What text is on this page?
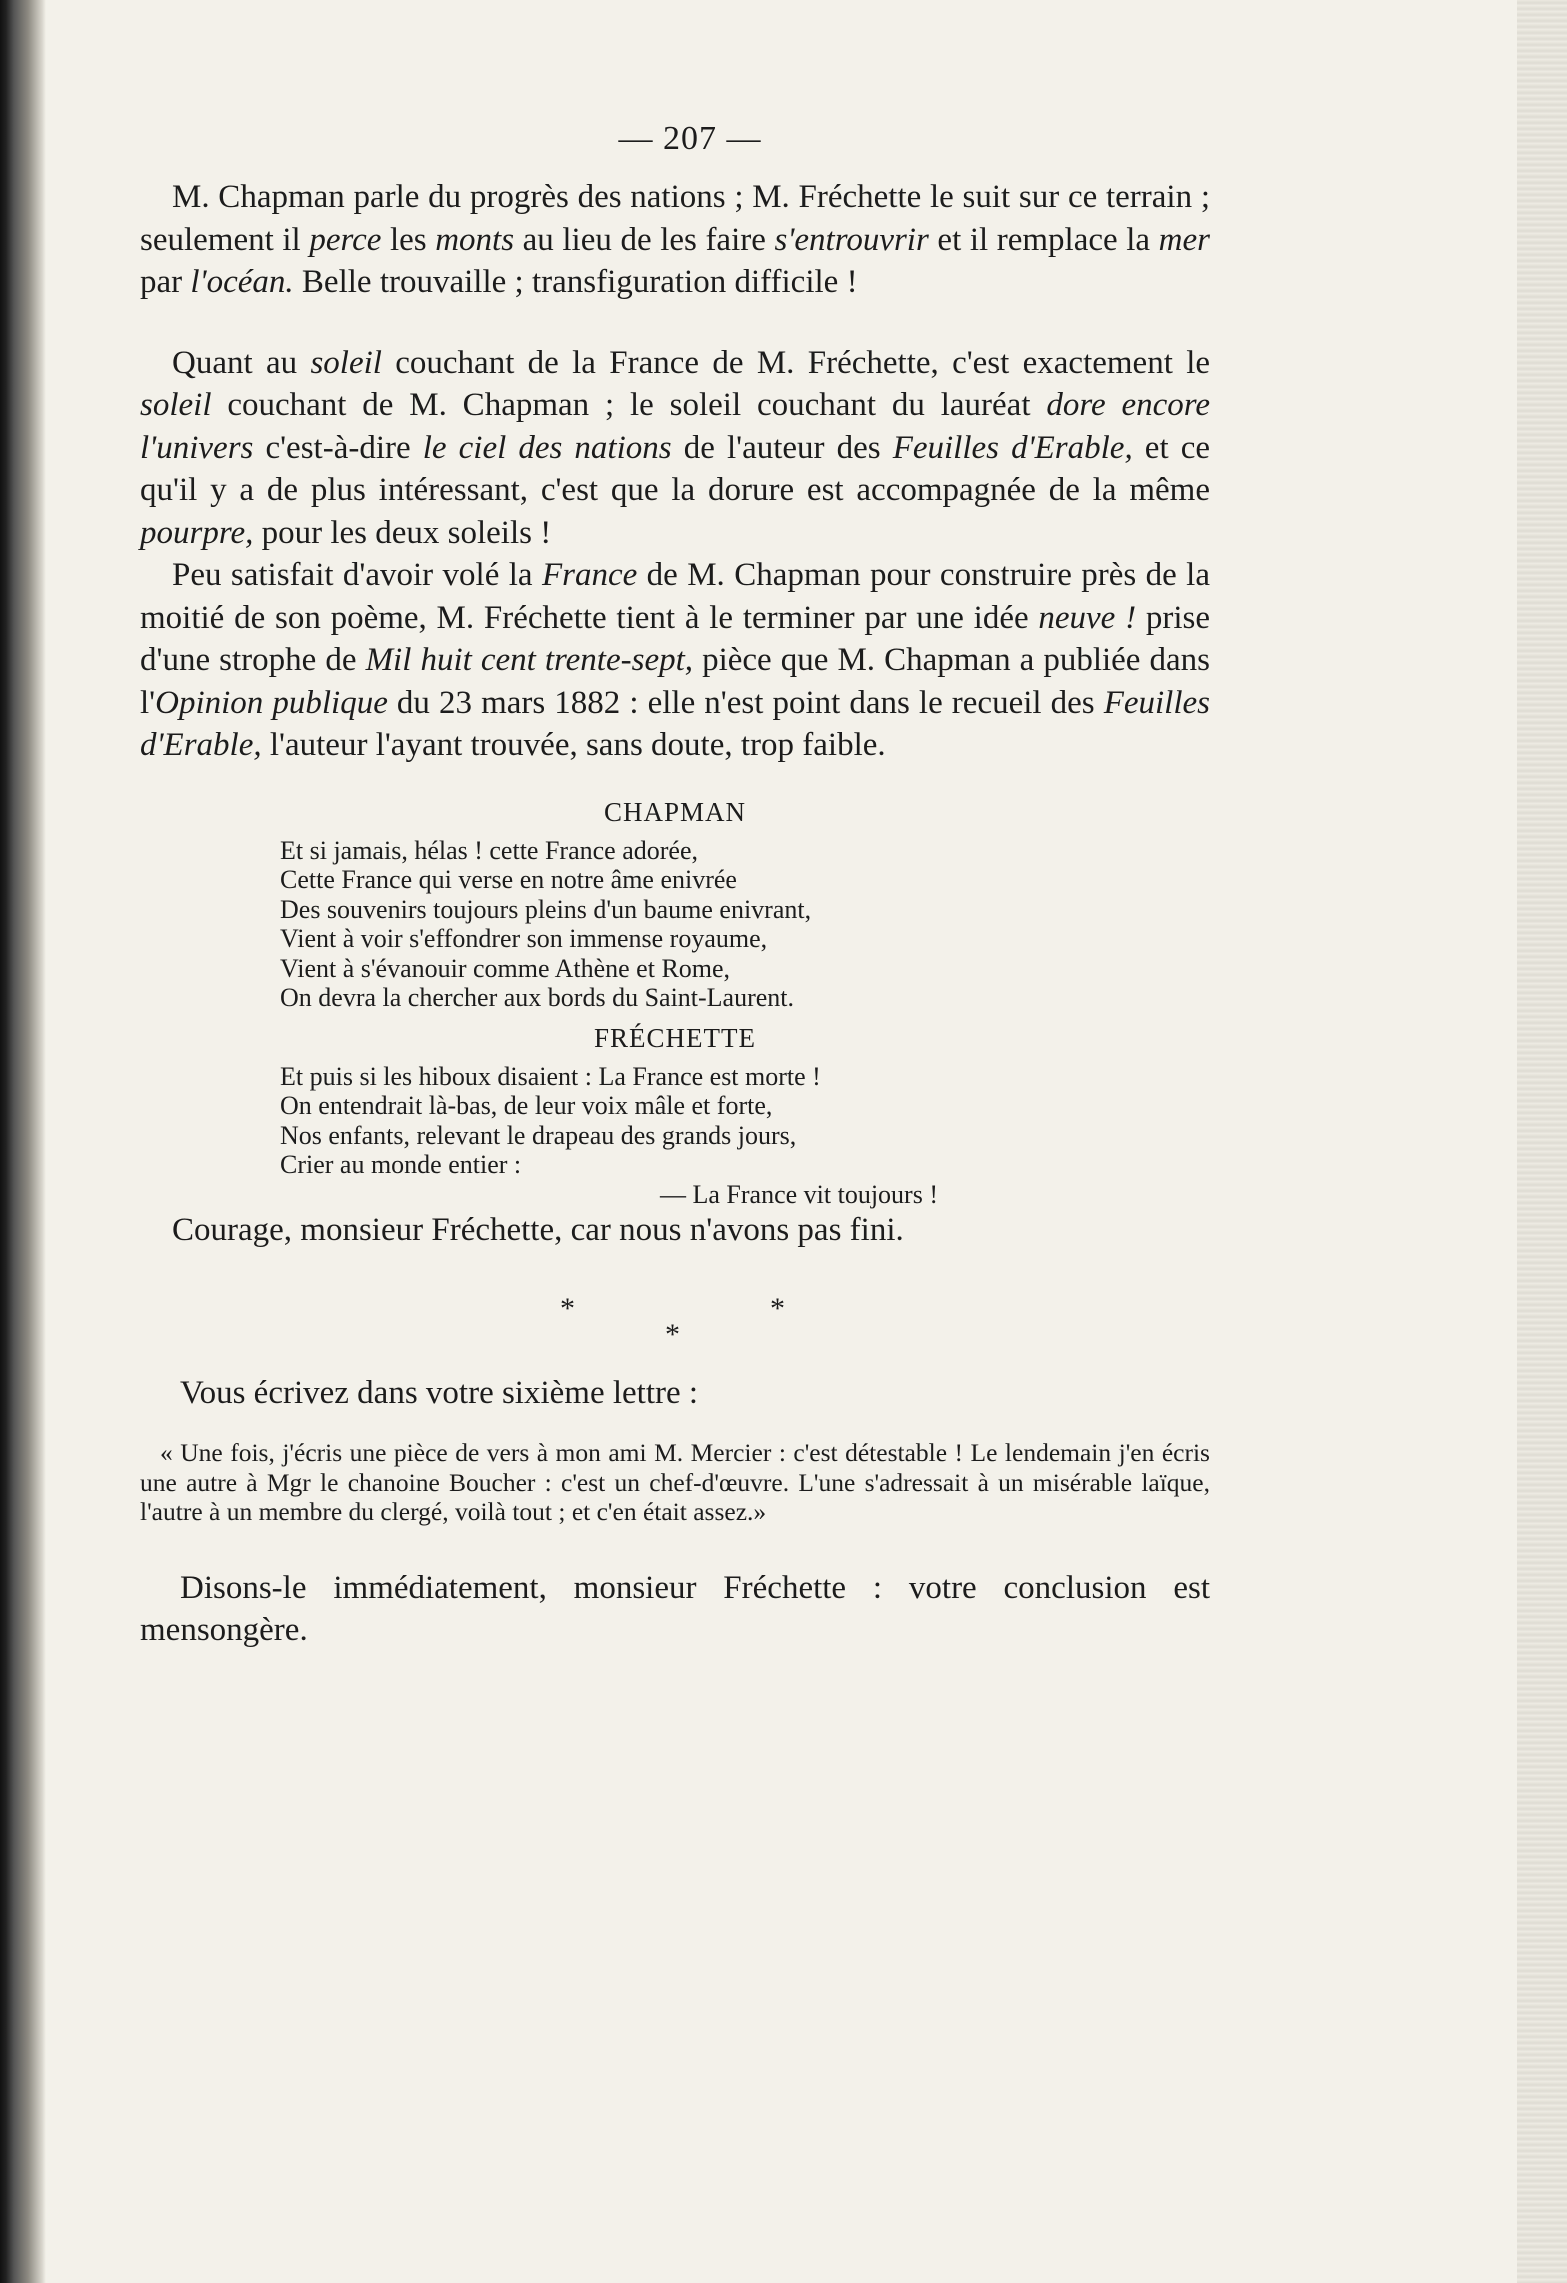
— 207 —

M. Chapman parle du progrès des nations ; M. Fréchette le suit sur ce terrain ; seulement il perce les monts au lieu de les faire s'entrouvrir et il remplace la mer par l'océan. Belle trouvaille ; transfiguration difficile !

Quant au soleil couchant de la France de M. Fréchette, c'est exactement le soleil couchant de M. Chapman ; le soleil couchant du lauréat dore encore l'univers c'est-à-dire le ciel des nations de l'auteur des Feuilles d'Erable, et ce qu'il y a de plus intéressant, c'est que la dorure est accompagnée de la même pourpre, pour les deux soleils !

Peu satisfait d'avoir volé la France de M. Chapman pour construire près de la moitié de son poème, M. Fréchette tient à le terminer par une idée neuve ! prise d'une strophe de Mil huit cent trente-sept, pièce que M. Chapman a publiée dans l'Opinion publique du 23 mars 1882 : elle n'est point dans le recueil des Feuilles d'Erable, l'auteur l'ayant trouvée, sans doute, trop faible.

CHAPMAN

Et si jamais, hélas ! cette France adorée,

Cette France qui verse en notre âme enivrée

Des souvenirs toujours pleins d'un baume enivrant,

Vient à voir s'effondrer son immense royaume,

Vient à s'évanouir comme Athène et Rome,

On devra la chercher aux bords du Saint-Laurent.

FRÉCHETTE

Et puis si les hiboux disaient : La France est morte !

On entendrait là-bas, de leur voix mâle et forte,

Nos enfants, relevant le drapeau des grands jours,

Crier au monde entier :

— La France vit toujours !

Courage, monsieur Fréchette, car nous n'avons pas fini.

*	*
*

Vous écrivez dans votre sixième lettre :

« Une fois, j'écris une pièce de vers à mon ami M. Mercier : c'est détestable ! Le lendemain j'en écris une autre à Mgr le chanoine Boucher : c'est un chef-d'œuvre. L'une s'adressait à un misérable laïque, l'autre à un membre du clergé, voilà tout ; et c'en était assez.»

Disons-le immédiatement, monsieur Fréchette : votre conclusion est mensongère.
